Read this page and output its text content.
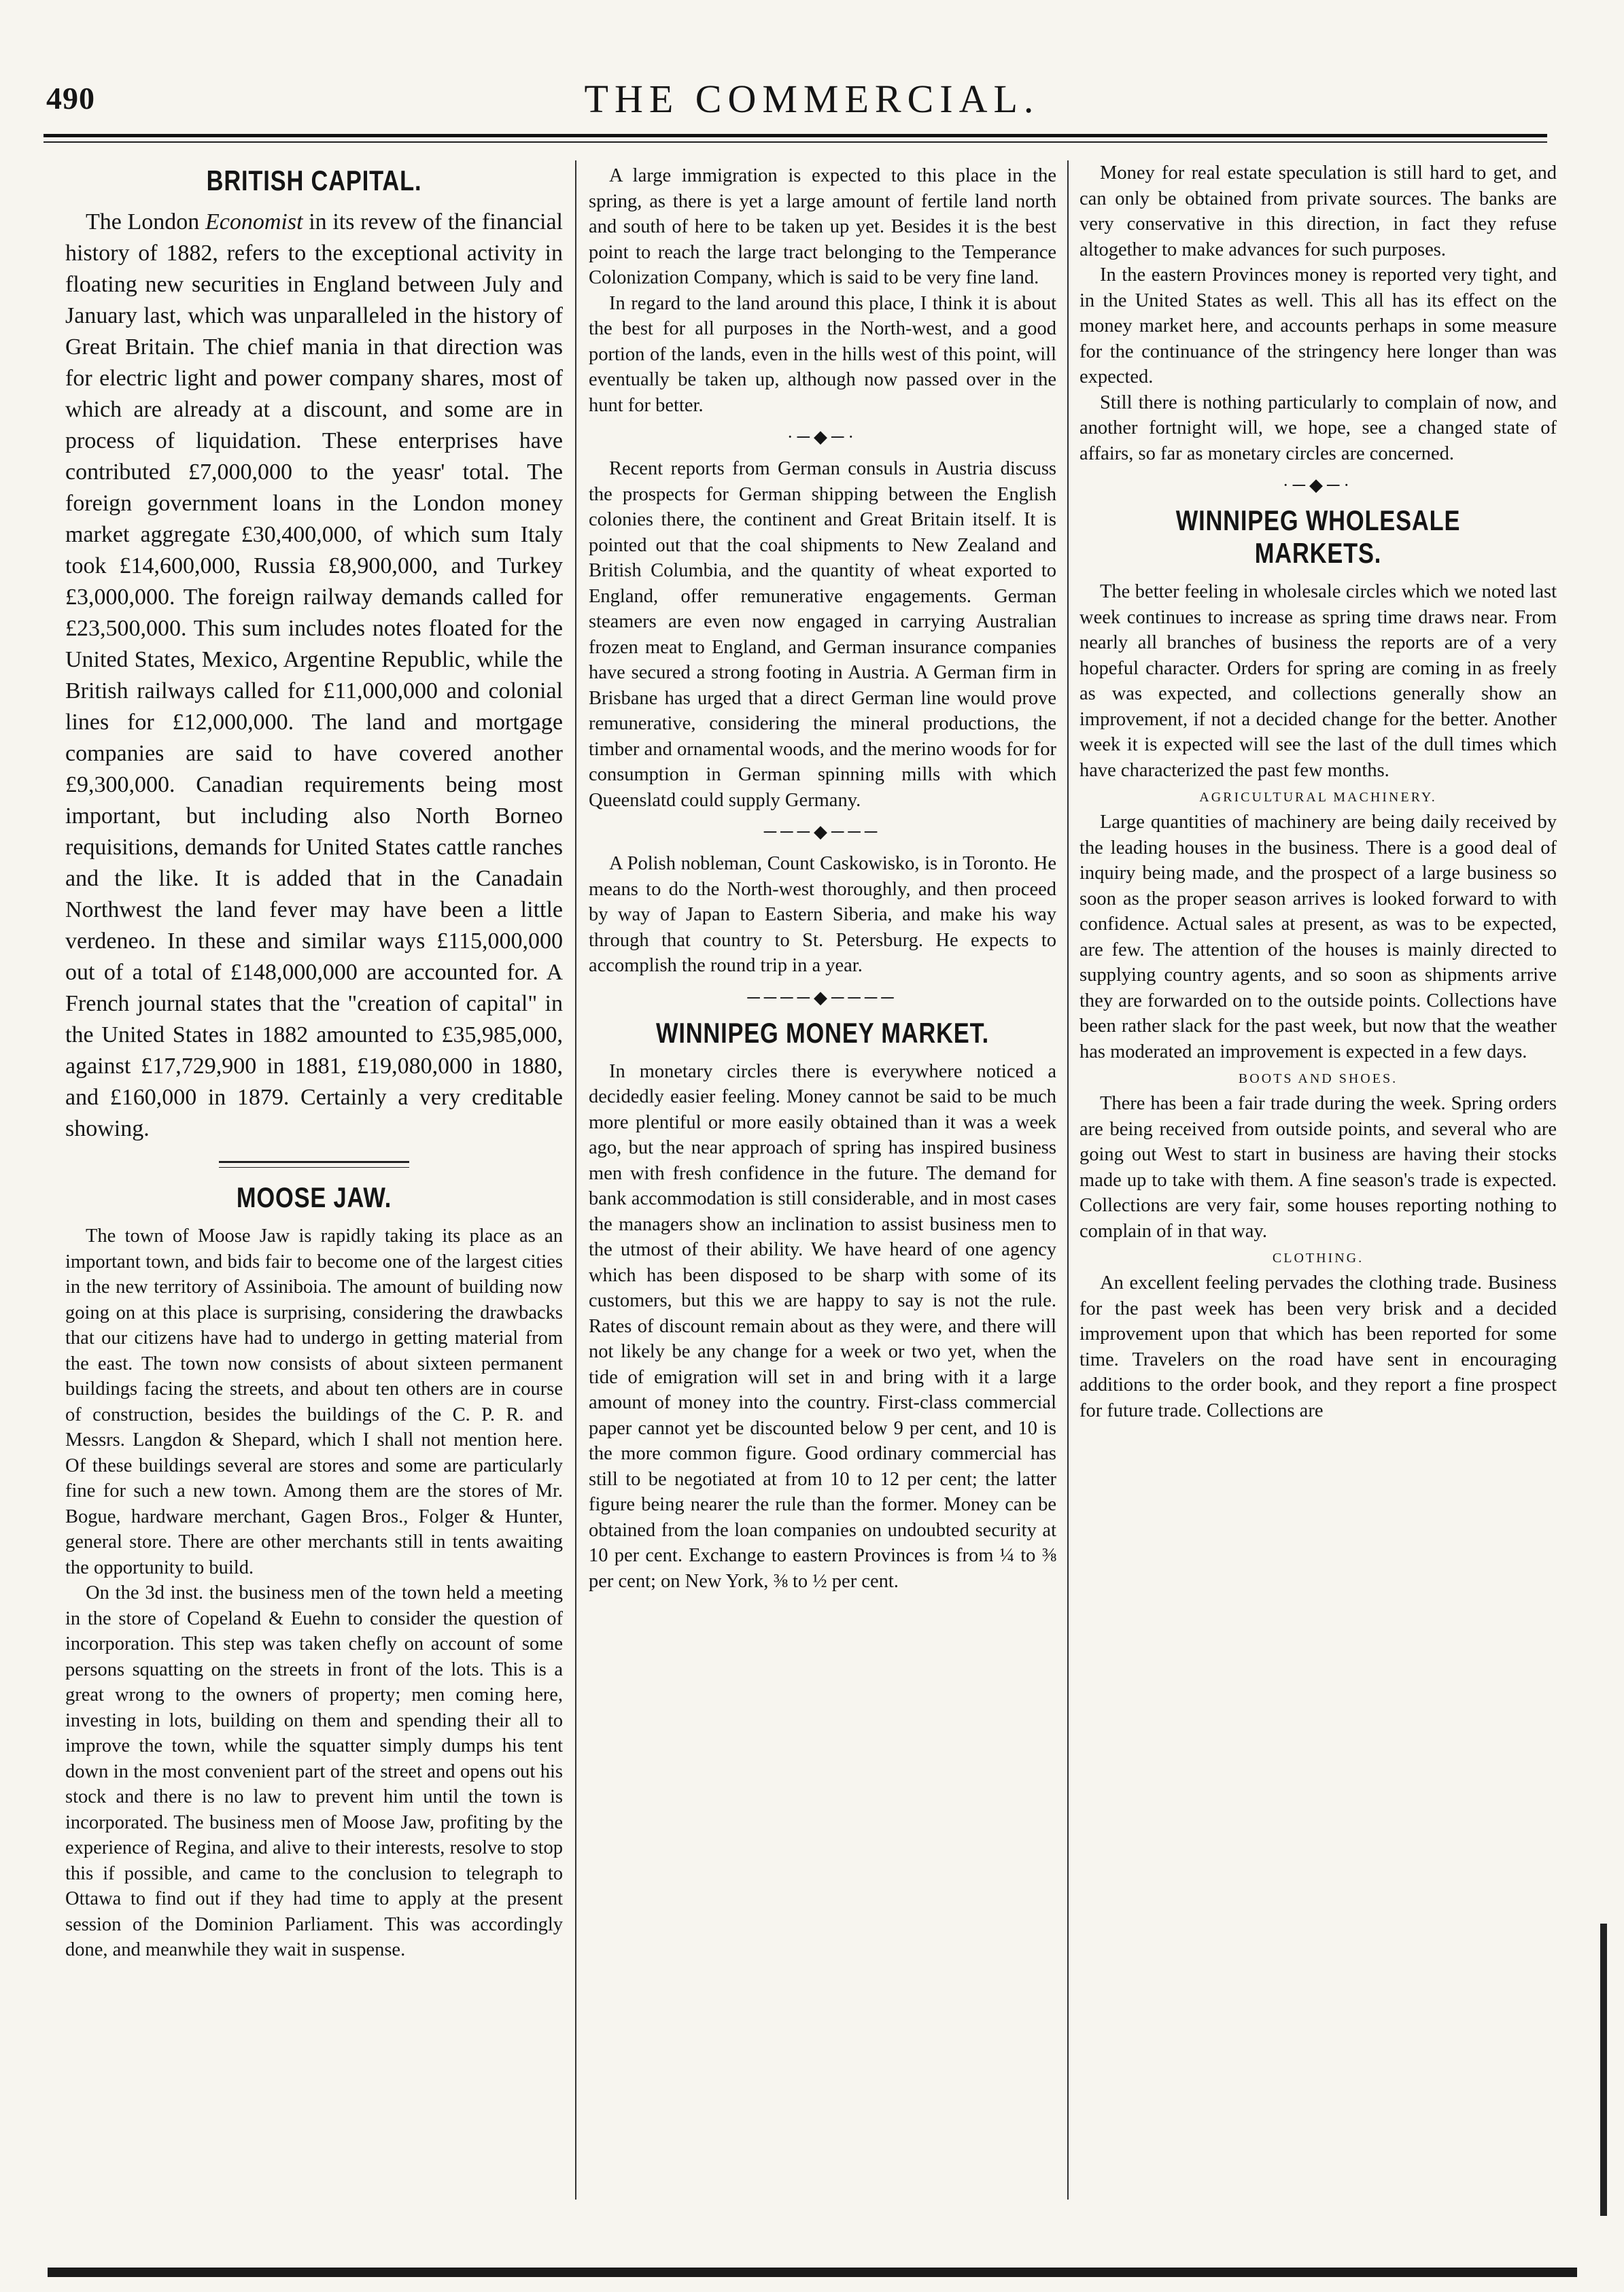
490	THE COMMERCIAL.
BRITISH CAPITAL.

The London Economist in its revew of the financial history of 1882, refers to the exceptional activity in floating new securities in England between July and January last, which was unparalleled in the history of Great Britain. The chief mania in that direction was for electric light and power company shares, most of which are already at a discount, and some are in process of liquidation. These enterprises have contributed £7,000,000 to the yeasr' total. The foreign government loans in the London money market aggregate £30,400,000, of which sum Italy took £14,600,000, Russia £8,900,000, and Turkey £3,000,000. The foreign railway demands called for £23,500,000. This sum includes notes floated for the United States, Mexico, Argentine Republic, while the British railways called for £11,000,000 and colonial lines for £12,000,000. The land and mortgage companies are said to have covered another £9,300,000. Canadian requirements being most important, but including also North Borneo requisitions, demands for United States cattle ranches and the like. It is added that in the Canadain Northwest the land fever may have been a little verdeneo. In these and similar ways £115,000,000 out of a total of £148,000,000 are accounted for. A French journal states that the "creation of capital" in the United States in 1882 amounted to £35,985,000, against £17,729,900 in 1881, £19,080,000 in 1880, and £160,000 in 1879. Certainly a very creditable showing.

MOOSE JAW.

The town of Moose Jaw is rapidly taking its place as an important town, and bids fair to become one of the largest cities in the new territory of Assiniboia. The amount of building now going on at this place is surprising, considering the drawbacks that our citizens have had to undergo in getting material from the east. The town now consists of about sixteen permanent buildings facing the streets, and about ten others are in course of construction, besides the buildings of the C. P. R. and Messrs. Langdon & Shepard, which I shall not mention here. Of these buildings several are stores and some are particularly fine for such a new town. Among them are the stores of Mr. Bogue, hardware merchant, Gagen Bros., Folger & Hunter, general store. There are other merchants still in tents awaiting the opportunity to build.

On the 3d inst. the business men of the town held a meeting in the store of Copeland & Euehn to consider the question of incorporation. This step was taken chefly on account of some persons squatting on the streets in front of the lots. This is a great wrong to the owners of property; men coming here, investing in lots, building on them and spending their all to improve the town, while the squatter simply dumps his tent down in the most convenient part of the street and opens out his stock and there is no law to prevent him until the town is incorporated. The business men of Moose Jaw, profiting by the experience of Regina, and alive to their interests, resolve to stop this if possible, and came to the conclusion to telegraph to Ottawa to find out if they had time to apply at the present session of the Dominion Parliament. This was accordingly done, and meanwhile they wait in suspense.

A large immigration is expected to this place in the spring, as there is yet a large amount of fertile land north and south of here to be taken up yet. Besides it is the best point to reach the large tract belonging to the Temperance Colonization Company, which is said to be very fine land.

In regard to the land around this place, I think it is about the best for all purposes in the North-west, and a good portion of the lands, even in the hills west of this point, will eventually be taken up, although now passed over in the hunt for better.

·─◆─·

Recent reports from German consuls in Austria discuss the prospects for German shipping between the English colonies there, the continent and Great Britain itself. It is pointed out that the coal shipments to New Zealand and British Columbia, and the quantity of wheat exported to England, offer remunerative engagements. German steamers are even now engaged in carrying Australian frozen meat to England, and German insurance companies have secured a strong footing in Austria. A German firm in Brisbane has urged that a direct German line would prove remunerative, considering the mineral productions, the timber and ornamental woods, and the merino woods for for consumption in German spinning mills with which Queenslatd could supply Germany.

───◆───

A Polish nobleman, Count Caskowisko, is in Toronto. He means to do the North-west thoroughly, and then proceed by way of Japan to Eastern Siberia, and make his way through that country to St. Petersburg. He expects to accomplish the round trip in a year.

────◆────
WINNIPEG MONEY MARKET.

In monetary circles there is everywhere noticed a decidedly easier feeling. Money cannot be said to be much more plentiful or more easily obtained than it was a week ago, but the near approach of spring has inspired business men with fresh confidence in the future. The demand for bank accommodation is still considerable, and in most cases the managers show an inclination to assist business men to the utmost of their ability. We have heard of one agency which has been disposed to be sharp with some of its customers, but this we are happy to say is not the rule. Rates of discount remain about as they were, and there will not likely be any change for a week or two yet, when the tide of emigration will set in and bring with it a large amount of money into the country. First-class commercial paper cannot yet be discounted below 9 per cent, and 10 is the more common figure. Good ordinary commercial has still to be negotiated at from 10 to 12 per cent; the latter figure being nearer the rule than the former. Money can be obtained from the loan companies on undoubted security at 10 per cent. Exchange to eastern Provinces is from ¼ to ⅜ per cent; on New York, ⅜ to ½ per cent.

Money for real estate speculation is still hard to get, and can only be obtained from private sources. The banks are very conservative in this direction, in fact they refuse altogether to make advances for such purposes.

In the eastern Provinces money is reported very tight, and in the United States as well. This all has its effect on the money market here, and accounts perhaps in some measure for the continuance of the stringency here longer than was expected.

Still there is nothing particularly to complain of now, and another fortnight will, we hope, see a changed state of affairs, so far as monetary circles are concerned.

·─◆─·
WINNIPEG WHOLESALE MARKETS.

The better feeling in wholesale circles which we noted last week continues to increase as spring time draws near. From nearly all branches of business the reports are of a very hopeful character. Orders for spring are coming in as freely as was expected, and collections generally show an improvement, if not a decided change for the better. Another week it is expected will see the last of the dull times which have characterized the past few months.

AGRICULTURAL MACHINERY.

Large quantities of machinery are being daily received by the leading houses in the business. There is a good deal of inquiry being made, and the prospect of a large business so soon as the proper season arrives is looked forward to with confidence. Actual sales at present, as was to be expected, are few. The attention of the houses is mainly directed to supplying country agents, and so soon as shipments arrive they are forwarded on to the outside points. Collections have been rather slack for the past week, but now that the weather has moderated an improvement is expected in a few days.

BOOTS AND SHOES.

There has been a fair trade during the week. Spring orders are being received from outside points, and several who are going out West to start in business are having their stocks made up to take with them. A fine season's trade is expected. Collections are very fair, some houses reporting nothing to complain of in that way.

CLOTHING.

An excellent feeling pervades the clothing trade. Business for the past week has been very brisk and a decided improvement upon that which has been reported for some time. Travelers on the road have sent in encouraging additions to the order book, and they report a fine prospect for future trade. Collections are
